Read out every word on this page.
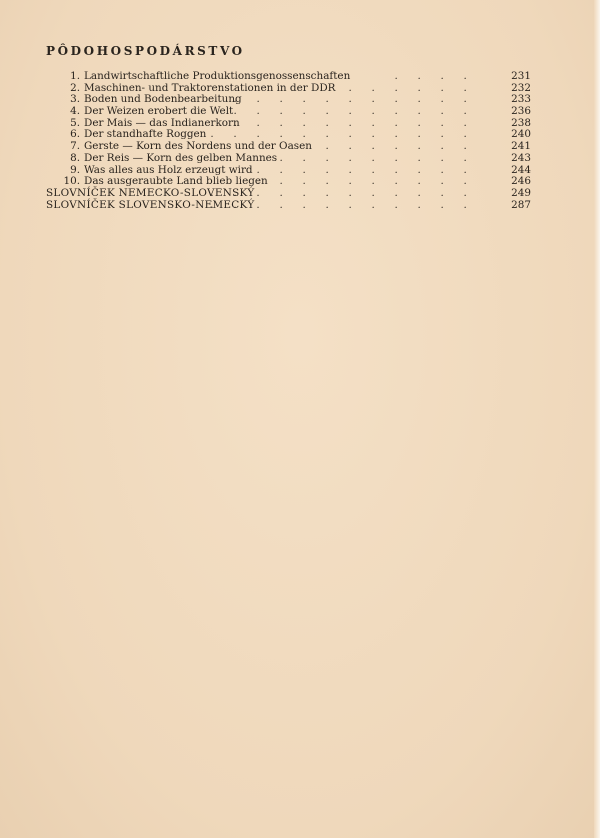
PÔDOHOSPODÁRSTVO
. . . .
1. Landwirtschaftliche Produktionsgenossenschaften	231
. . . . . .
2. Maschinen- und Traktorenstationen in der DDR	232
. . . . . . . . . . .
3. Boden und Bodenbearbeitung	233
. . . . . . . . . . .
4. Der Weizen erobert die Welt	236
. . . . . . . . . . .
5. Der Mais — das Indianerkorn	238
. . . . . . . . . . . . .
6. Der standhafte Roggen	240
. . . . . . .
7. Gerste — Korn des Nordens und der Oasen	241
. . . . . . . . .
8. Der Reis — Korn des gelben Mannes	243
. . . . . . . . . .
9. Was alles aus Holz erzeugt wird	244
. . . . . . . . . .
10. Das ausgeraubte Land blieb liegen	246
. . . . . . . . . . . .
SLOVNÍČEK NEMECKO-SLOVENSKÝ	249
. . . . . . . . . . . .
SLOVNÍČEK SLOVENSKO-NEMECKÝ	287
